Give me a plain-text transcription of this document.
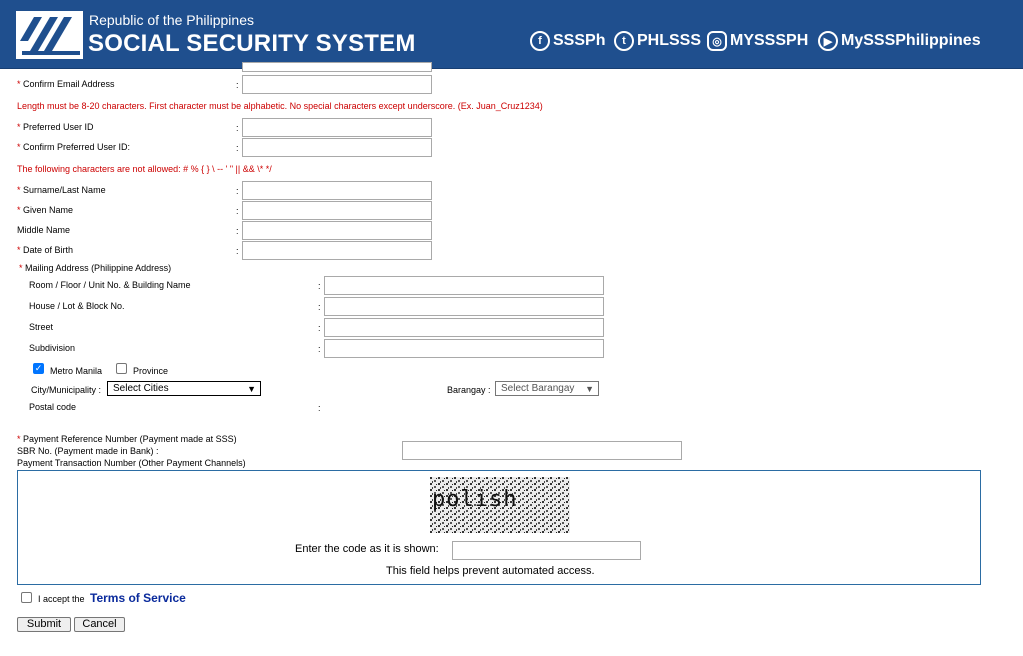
Republic of the Philippines
SOCIAL SECURITY SYSTEM	f SSSPh	t PHLSSS	◎ MYSSSPH	▶ MySSSPhilippines
* Confirm Email Address	:
Length must be 8-20 characters. First character must be alphabetic. No special characters except underscore. (Ex. Juan_Cruz1234)
* Preferred User ID	:
* Confirm Preferred User ID:	:
The following characters are not allowed: # % { } \ -- ' " || && \* */
* Surname/Last Name	:
* Given Name	:
Middle Name	:
* Date of Birth	:
* Mailing Address (Philippine Address)
Room / Floor / Unit No. & Building Name	:
House / Lot & Block No.	:
Street	:
Subdivision	:
✓ Metro Manila	Province
City/Municipality :	Select Cities	▼	Barangay :	Select Barangay ▼
Postal code	:
* Payment Reference Number (Payment made at SSS)
SBR No. (Payment made in Bank) :
Payment Transaction Number (Other Payment Channels)
polish
Enter the code as it is shown:
This field helps prevent automated access.
I accept the Terms of Service
Submit	Cancel
